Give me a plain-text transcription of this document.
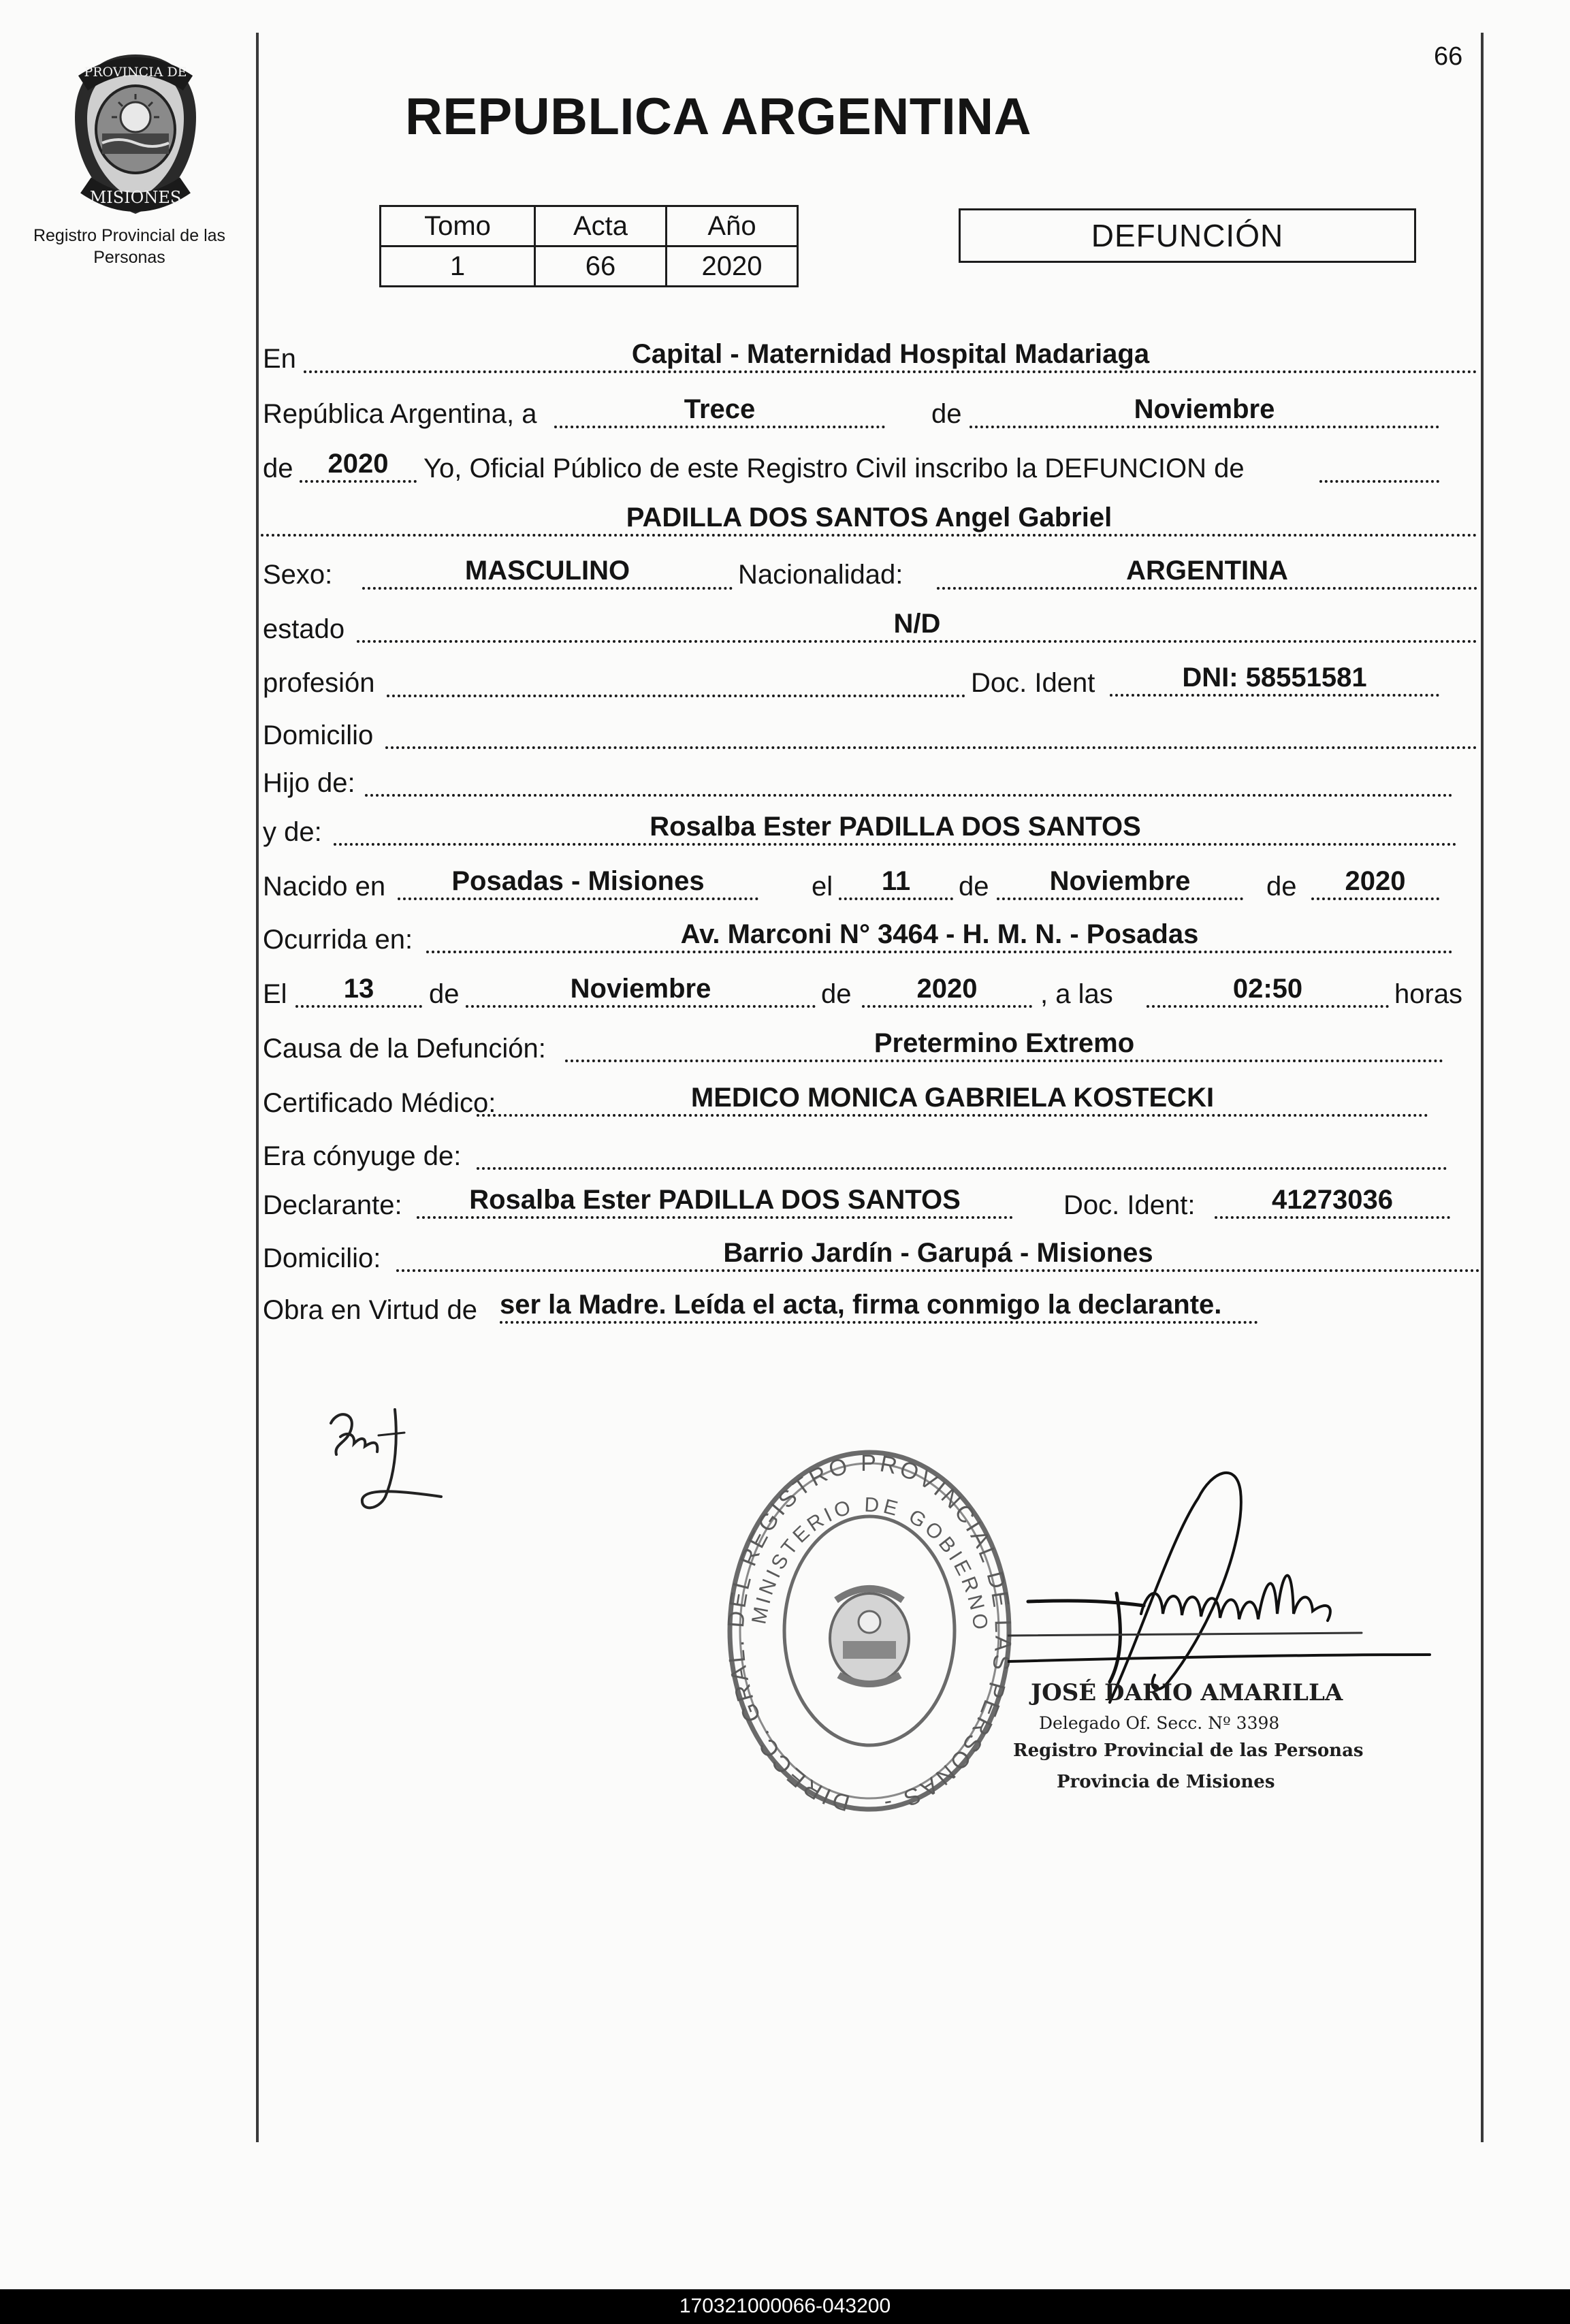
66
PROVINCIA DE
MISIONES
Registro Provincial de las Personas
REPUBLICA ARGENTINA
Tomo	Acta	Año
1	66	2020
DEFUNCIÓN
En	Capital - Maternidad Hospital Madariaga
República Argentina, a	Trece	de	Noviembre
de	2020	Yo, Oficial Público de este Registro Civil inscribo la DEFUNCION de
PADILLA DOS SANTOS Angel Gabriel
Sexo:	MASCULINO	Nacionalidad:	ARGENTINA
estado	N/D
profesión	Doc. Ident	DNI: 58551581
Domicilio
Hijo de:
y de:	Rosalba Ester PADILLA DOS SANTOS
Nacido en	Posadas - Misiones	el	11	de	Noviembre	de	2020
Ocurrida en:	Av. Marconi N° 3464 - H. M. N. - Posadas
El	13	de	Noviembre	de	2020	, a las	02:50	horas
Causa de la Defunción:	Pretermino Extremo
Certificado Médico:	MEDICO MONICA GABRIELA KOSTECKI
Era cónyuge de:
Declarante:	Rosalba Ester PADILLA DOS SANTOS	Doc. Ident:	41273036
Domicilio:	Barrio Jardín - Garupá - Misiones
Obra en Virtud de ser la Madre. Leída el acta, firma conmigo la declarante.
DIRECC. GRAL. DEL REGISTRO PROVINCIAL DE LAS PERSONAS -
MINISTERIO DE GOBIERNO
JOSÉ DARIO AMARILLA
Delegado Of. Secc. Nº 3398
Registro Provincial de las Personas
Provincia de Misiones
170321000066-043200
